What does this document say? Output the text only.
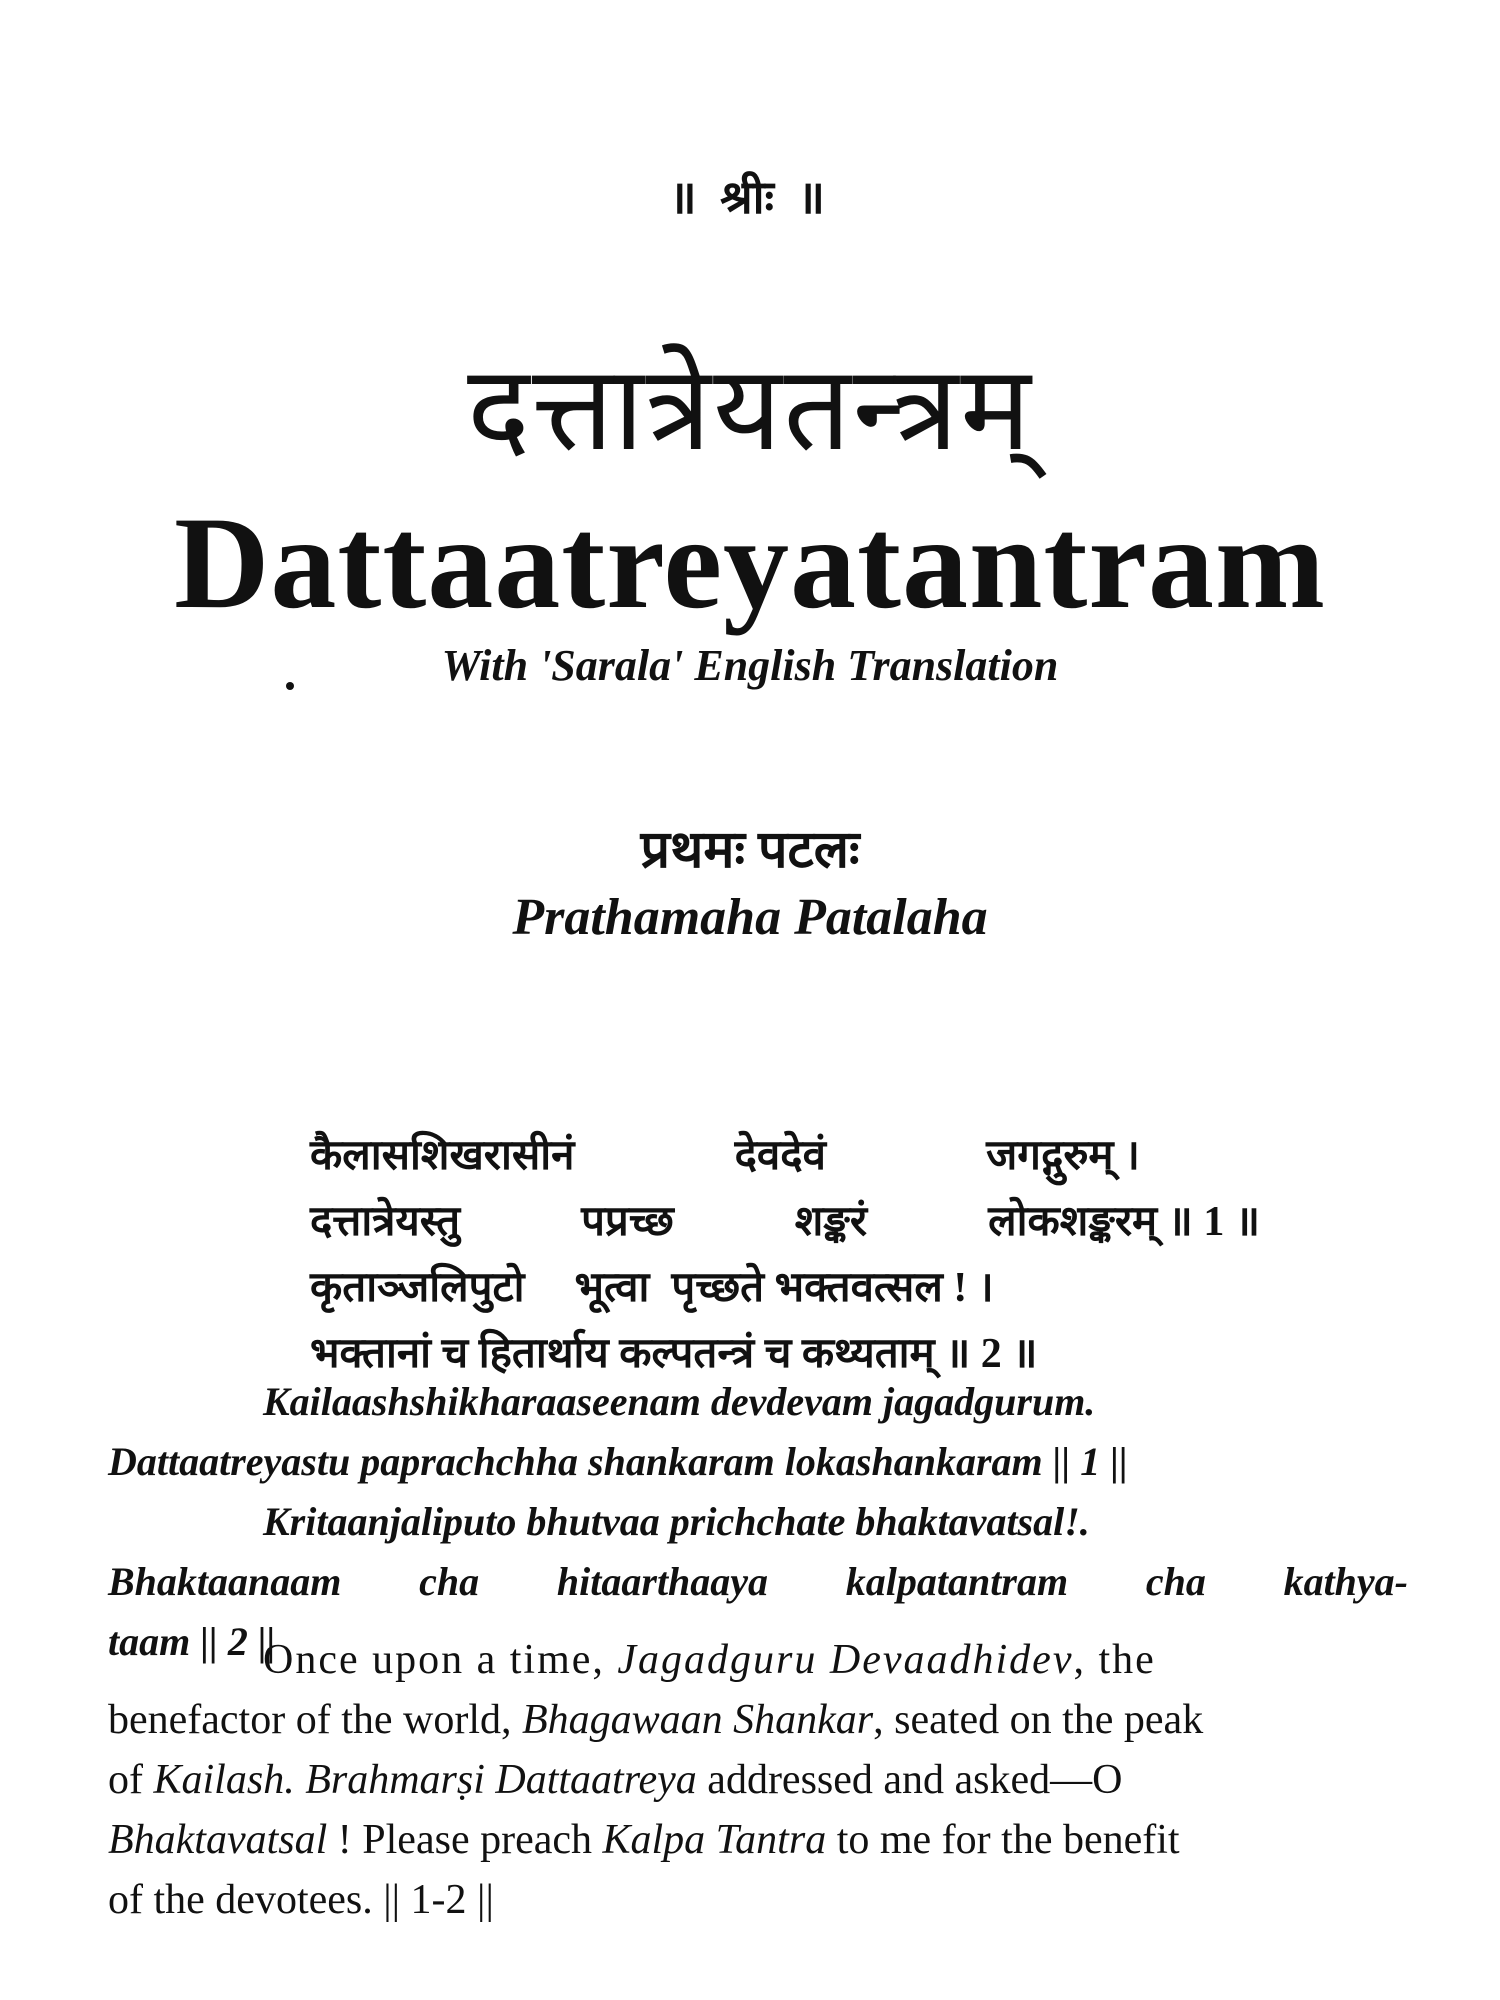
॥ श्रीः ॥
दत्तात्रेयतन्त्रम्
Dattaatreyatantram
With 'Sarala' English Translation
प्रथमः पटलः
Prathamaha Patalaha
कैलासशिखरासीनं	देवदेवं	जगद्गुरुम् ।
दत्तात्रेयस्तु	पप्रच्छ	शङ्करं	लोकशङ्करम् ॥ 1 ॥
कृताञ्जलिपुटो भूत्वा पृच्छते भक्तवत्सल ! ।
भक्तानां च हितार्थाय कल्पतन्त्रं च कथ्यताम् ॥ 2 ॥
Kailaashshikharaaseenam devdevam jagadgurum.
Dattaatreyastu paprachchha shankaram lokashankaram || 1 ||
Kritaanjaliputo bhutvaa prichchate bhaktavatsal!.
Bhaktaanaam cha hitaarthaaya kalpatantram cha kathya-
taam || 2 ||
Once upon a time, Jagadguru Devaadhidev, the
benefactor of the world, Bhagawaan Shankar, seated on the peak
of Kailash. Brahmarṣi Dattaatreya addressed and asked—O
Bhaktavatsal ! Please preach Kalpa Tantra to me for the benefit
of the devotees. || 1-2 ||
